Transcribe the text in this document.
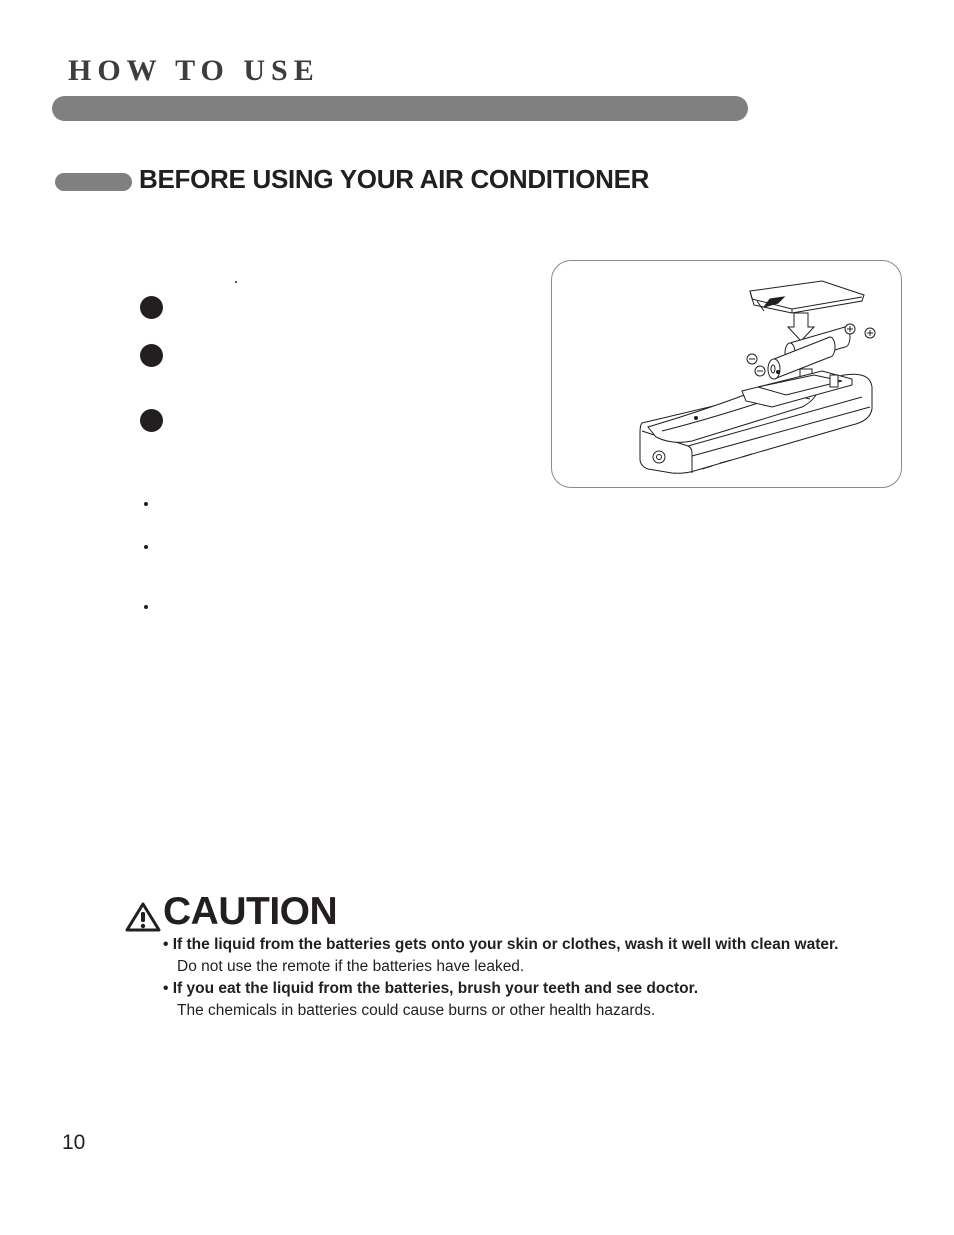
HOW TO USE
BEFORE USING YOUR AIR CONDITIONER
CAUTION
• If the liquid from the batteries gets onto your skin or clothes, wash it well with clean water.
Do not use the remote if the batteries have leaked.
• If you eat the liquid from the batteries, brush your teeth and see doctor.
The chemicals in batteries could cause burns or other health hazards.
10
